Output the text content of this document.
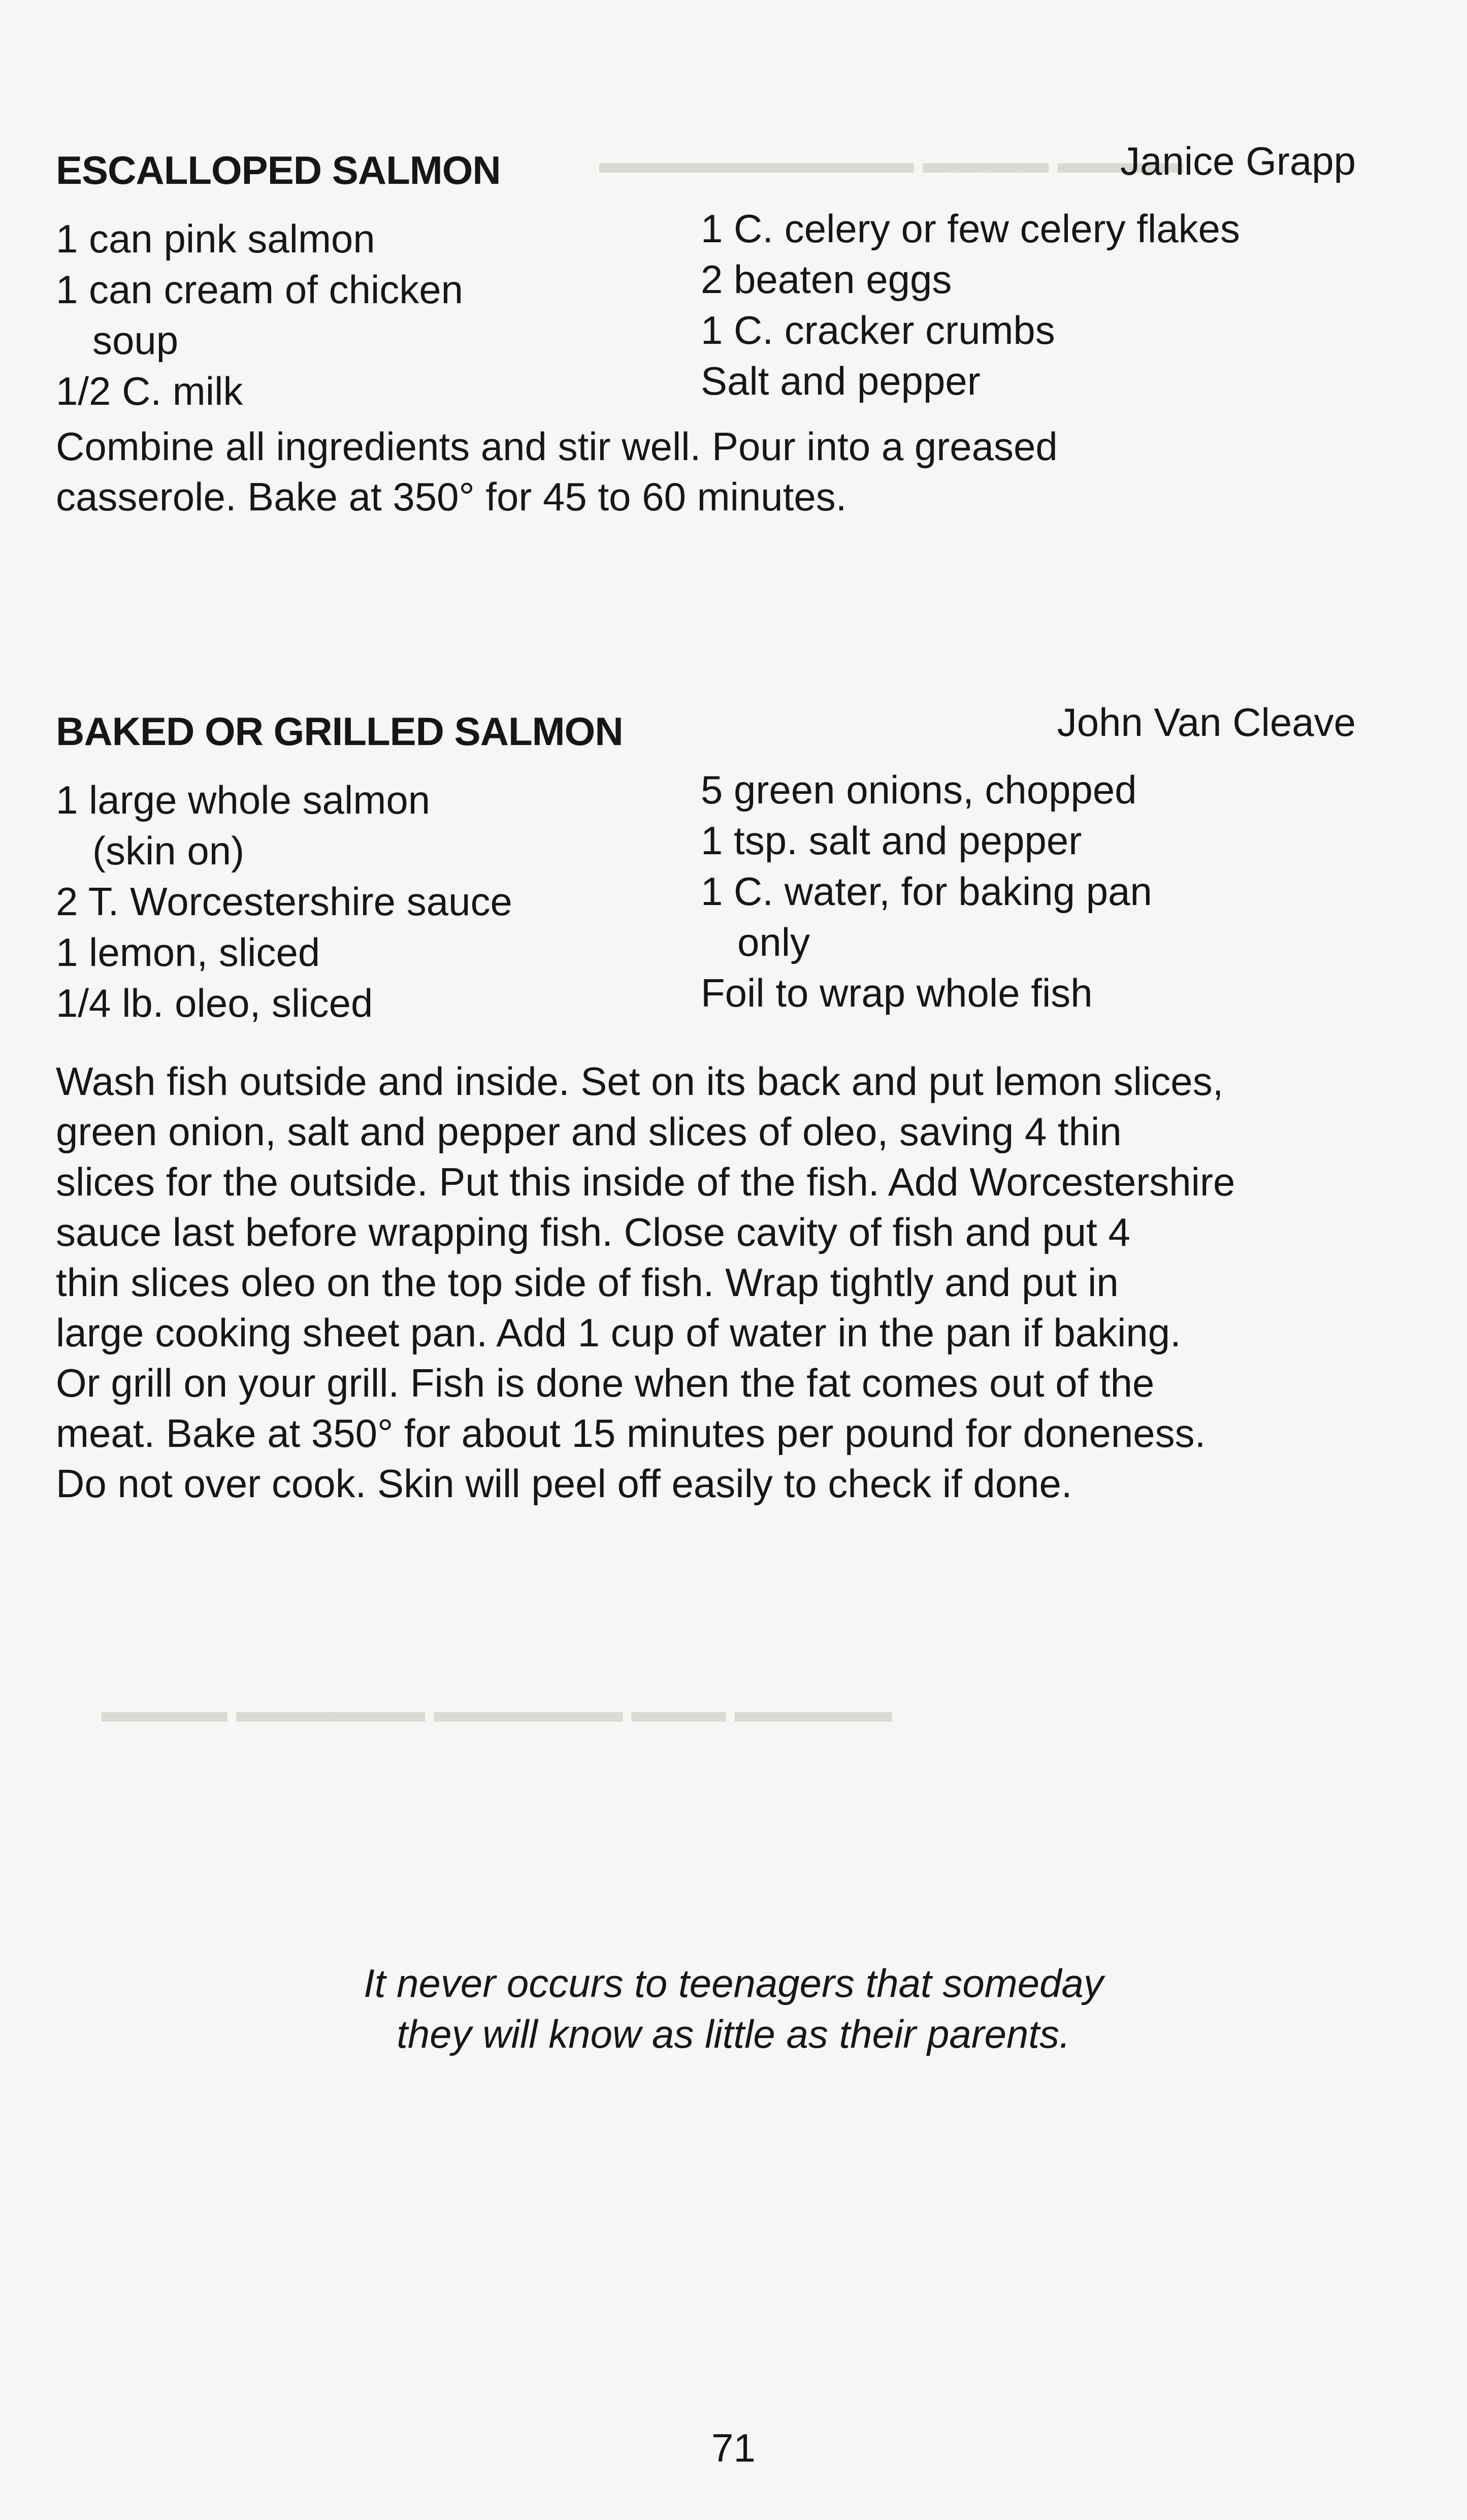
▬▬▬▬ ▬▬▬▬ ▬▬▬▬▬▬▬▬▬▬
▬▬▬▬▬ ▬▬▬ ▬▬▬▬▬▬ ▬▬▬▬▬▬ ▬▬▬▬
ESCALLOPED SALMON	Janice Grapp
1 can pink salmon
1 can cream of chicken
soup
1/2 C. milk
1 C. celery or few celery flakes
2 beaten eggs
1 C. cracker crumbs
Salt and pepper
Combine all ingredients and stir well. Pour into a greased
casserole. Bake at 350° for 45 to 60 minutes.
BAKED OR GRILLED SALMON	John Van Cleave
1 large whole salmon
(skin on)
2 T. Worcestershire sauce
1 lemon, sliced
1/4 lb. oleo, sliced
5 green onions, chopped
1 tsp. salt and pepper
1 C. water, for baking pan
only
Foil to wrap whole fish
Wash fish outside and inside. Set on its back and put lemon slices,
green onion, salt and pepper and slices of oleo, saving 4 thin
slices for the outside. Put this inside of the fish. Add Worcestershire
sauce last before wrapping fish. Close cavity of fish and put 4
thin slices oleo on the top side of fish. Wrap tightly and put in
large cooking sheet pan. Add 1 cup of water in the pan if baking.
Or grill on your grill. Fish is done when the fat comes out of the
meat. Bake at 350° for about 15 minutes per pound for doneness.
Do not over cook. Skin will peel off easily to check if done.
It never occurs to teenagers that someday
they will know as little as their parents.
71
